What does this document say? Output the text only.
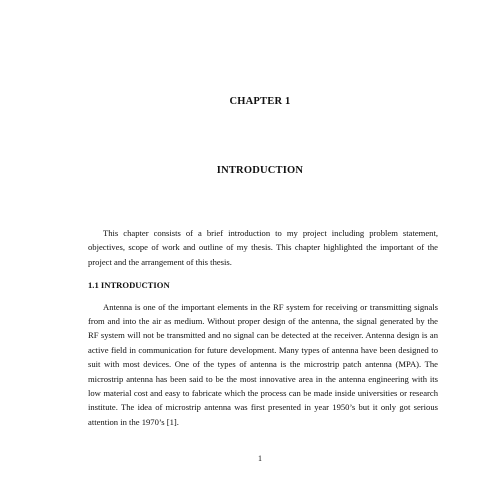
CHAPTER 1
INTRODUCTION

This chapter consists of a brief introduction to my project including problem statement, objectives, scope of work and outline of my thesis. This chapter highlighted the important of the project and the arrangement of this thesis.

1.1 INTRODUCTION

Antenna is one of the important elements in the RF system for receiving or transmitting signals from and into the air as medium. Without proper design of the antenna, the signal generated by the RF system will not be transmitted and no signal can be detected at the receiver. Antenna design is an active field in communication for future development. Many types of antenna have been designed to suit with most devices. One of the types of antenna is the microstrip patch antenna (MPA). The microstrip antenna has been said to be the most innovative area in the antenna engineering with its low material cost and easy to fabricate which the process can be made inside universities or research institute. The idea of microstrip antenna was first presented in year 1950’s but it only got serious attention in the 1970’s [1].

1
